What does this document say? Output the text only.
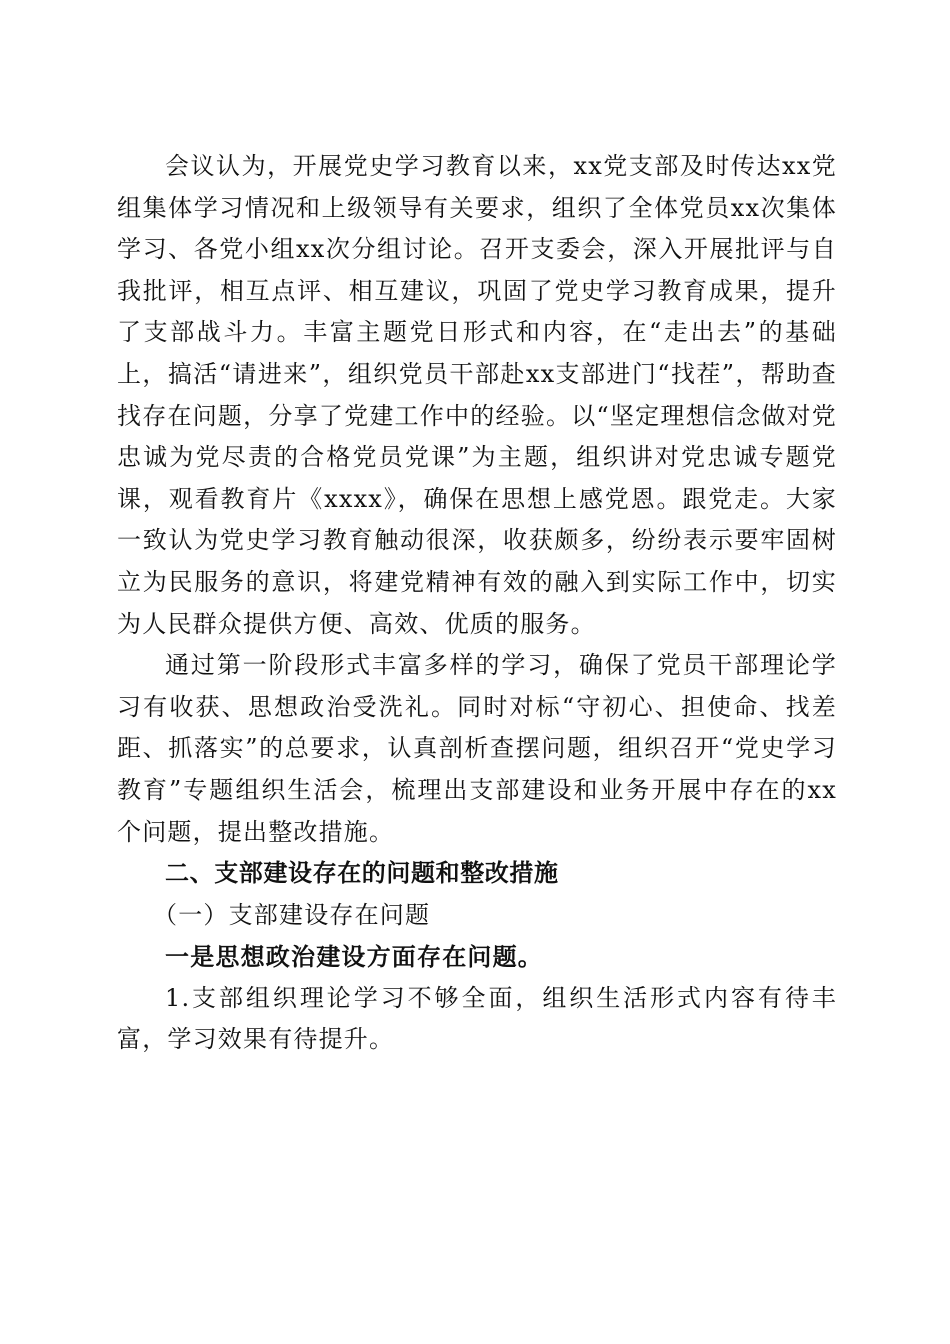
会议认为，开展党史学习教育以来，xx党支部及时传达xx党组集体学习情况和上级领导有关要求，组织了全体党员xx次集体学习、各党小组xx次分组讨论。召开支委会，深入开展批评与自我批评，相互点评、相互建议，巩固了党史学习教育成果，提升了支部战斗力。丰富主题党日形式和内容，在“走出去”的基础上，搞活“请进来”，组织党员干部赴xx支部进门“找茬”，帮助查找存在问题，分享了党建工作中的经验。以“坚定理想信念做对党忠诚为党尽责的合格党员党课”为主题，组织讲对党忠诚专题党课，观看教育片《xxxx》，确保在思想上感党恩。跟党走。大家一致认为党史学习教育触动很深，收获颇多，纷纷表示要牢固树立为民服务的意识，将建党精神有效的融入到实际工作中，切实为人民群众提供方便、高效、优质的服务。

通过第一阶段形式丰富多样的学习，确保了党员干部理论学习有收获、思想政治受洗礼。同时对标“守初心、担使命、找差距、抓落实”的总要求，认真剖析查摆问题，组织召开“党史学习教育”专题组织生活会，梳理出支部建设和业务开展中存在的xx个问题，提出整改措施。

二、支部建设存在的问题和整改措施

（一）支部建设存在问题

一是思想政治建设方面存在问题。

1.支部组织理论学习不够全面，组织生活形式内容有待丰富，学习效果有待提升。
